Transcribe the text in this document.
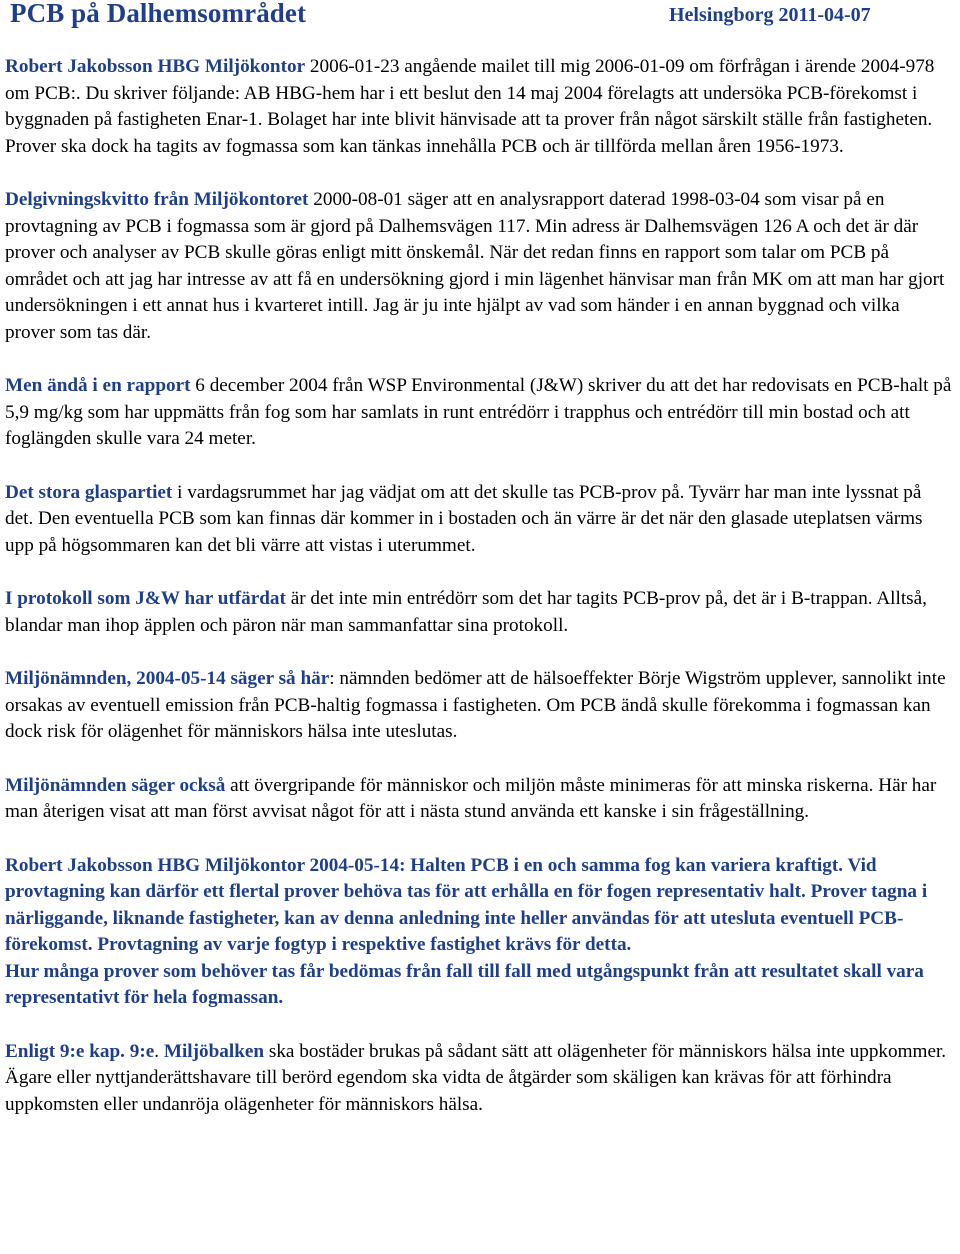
PCB på Dalhemsområdet	Helsingborg 2011-04-07

Robert Jakobsson HBG Miljökontor 2006-01-23 angående mailet till mig 2006-01-09 om förfrågan i ärende 2004-978 om PCB:. Du skriver följande: AB HBG-hem har i ett beslut den 14 maj 2004 förelagts att undersöka PCB-förekomst i byggnaden på fastigheten Enar-1. Bolaget har inte blivit hänvisade att ta prover från något särskilt ställe från fastigheten. Prover ska dock ha tagits av fogmassa som kan tänkas innehålla PCB och är tillförda mellan åren 1956-1973.

Delgivningskvitto från Miljökontoret 2000-08-01 säger att en analysrapport daterad 1998-03-04 som visar på en provtagning av PCB i fogmassa som är gjord på Dalhemsvägen 117. Min adress är Dalhemsvägen 126 A och det är där prover och analyser av PCB skulle göras enligt mitt önskemål. När det redan finns en rapport som talar om PCB på området och att jag har intresse av att få en undersökning gjord i min lägenhet hänvisar man från MK om att man har gjort undersökningen i ett annat hus i kvarteret intill. Jag är ju inte hjälpt av vad som händer i en annan byggnad och vilka prover som tas där.

Men ändå i en rapport 6 december 2004 från WSP Environmental (J&W) skriver du att det har redovisats en PCB-halt på 5,9 mg/kg som har uppmätts från fog som har samlats in runt entrédörr i trapphus och entrédörr till min bostad och att foglängden skulle vara 24 meter.

Det stora glaspartiet i vardagsrummet har jag vädjat om att det skulle tas PCB-prov på. Tyvärr har man inte lyssnat på det. Den eventuella PCB som kan finnas där kommer in i bostaden och än värre är det när den glasade uteplatsen värms upp på högsommaren kan det bli värre att vistas i uterummet.

I protokoll som J&W har utfärdat är det inte min entrédörr som det har tagits PCB-prov på, det är i B-trappan. Alltså, blandar man ihop äpplen och päron när man sammanfattar sina protokoll.

Miljönämnden, 2004-05-14 säger så här: nämnden bedömer att de hälsoeffekter Börje Wigström upplever, sannolikt inte orsakas av eventuell emission från PCB-haltig fogmassa i fastigheten. Om PCB ändå skulle förekomma i fogmassan kan dock risk för olägenhet för människors hälsa inte uteslutas.

Miljönämnden säger också att övergripande för människor och miljön måste minimeras för att minska riskerna. Här har man återigen visat att man först avvisat något för att i nästa stund använda ett kanske i sin frågeställning.

Robert Jakobsson HBG Miljökontor 2004-05-14: Halten PCB i en och samma fog kan variera kraftigt. Vid provtagning kan därför ett flertal prover behöva tas för att erhålla en för fogen representativ halt. Prover tagna i närliggande, liknande fastigheter, kan av denna anledning inte heller användas för att utesluta eventuell PCB-förekomst. Provtagning av varje fogtyp i respektive fastighet krävs för detta.

Hur många prover som behöver tas får bedömas från fall till fall med utgångspunkt från att resultatet skall vara representativt för hela fogmassan.

Enligt 9:e kap. 9:e. Miljöbalken ska bostäder brukas på sådant sätt att olägenheter för människors hälsa inte uppkommer. Ägare eller nyttjanderättshavare till berörd egendom ska vidta de åtgärder som skäligen kan krävas för att förhindra uppkomsten eller undanröja olägenheter för människors hälsa.
